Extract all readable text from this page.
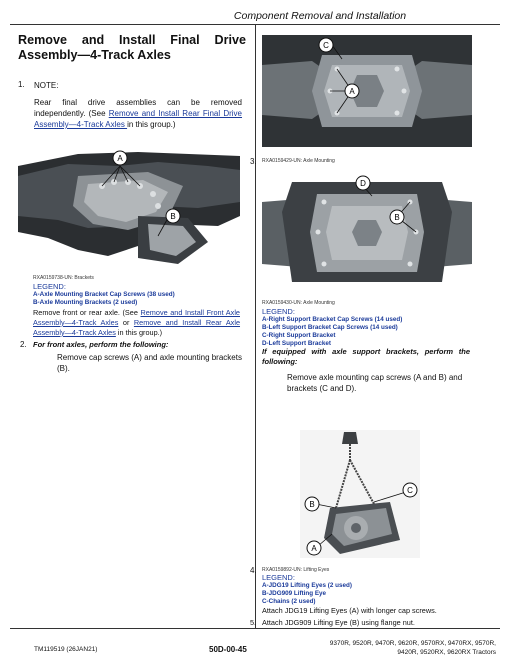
Component Removal and Installation
Remove and Install Final Drive
Assembly—4-Track Axles
1. NOTE:
Rear final drive assemblies can be removed independently. (See Remove and Install Rear Final Drive Assembly—4-Track Axles in this group.)
A
B
RXA0159738-UN: Brackets
LEGEND:
A-Axle Mounting Bracket Cap Screws (38 used)
B-Axle Mounting Brackets (2 used)
Remove front or rear axle. (See Remove and Install Front Axle Assembly—4-Track Axles or Remove and Install Rear Axle Assembly—4-Track Axles in this group.)
2. For front axles, perform the following:
Remove cap screws (A) and axle mounting brackets (B).
C
A
3. RXA0159429-UN: Axle Mounting
D
B
RXA0159430-UN: Axle Mounting
LEGEND:
A-Right Support Bracket Cap Screws (14 used)
B-Left Support Bracket Cap Screws (14 used)
C-Right Support Bracket
D-Left Support Bracket
If equipped with axle support brackets, perform the following:
Remove axle mounting cap screws (A and B) and brackets (C and D).
B
C
A
4. RXA0159892-UN: Lifting Eyes
LEGEND:
A-JDG19 Lifting Eyes (2 used)
B-JDG909 Lifting Eye
C-Chains (2 used)
Attach JDG19 Lifting Eyes (A) with longer cap screws.
5. Attach JDG909 Lifting Eye (B) using flange nut.
TM119519 (26JAN21)	50D-00-45
9370R, 9520R, 9470R, 9620R, 9570RX, 9470RX, 9570R,
9420R, 9520RX, 9620RX Tractors
